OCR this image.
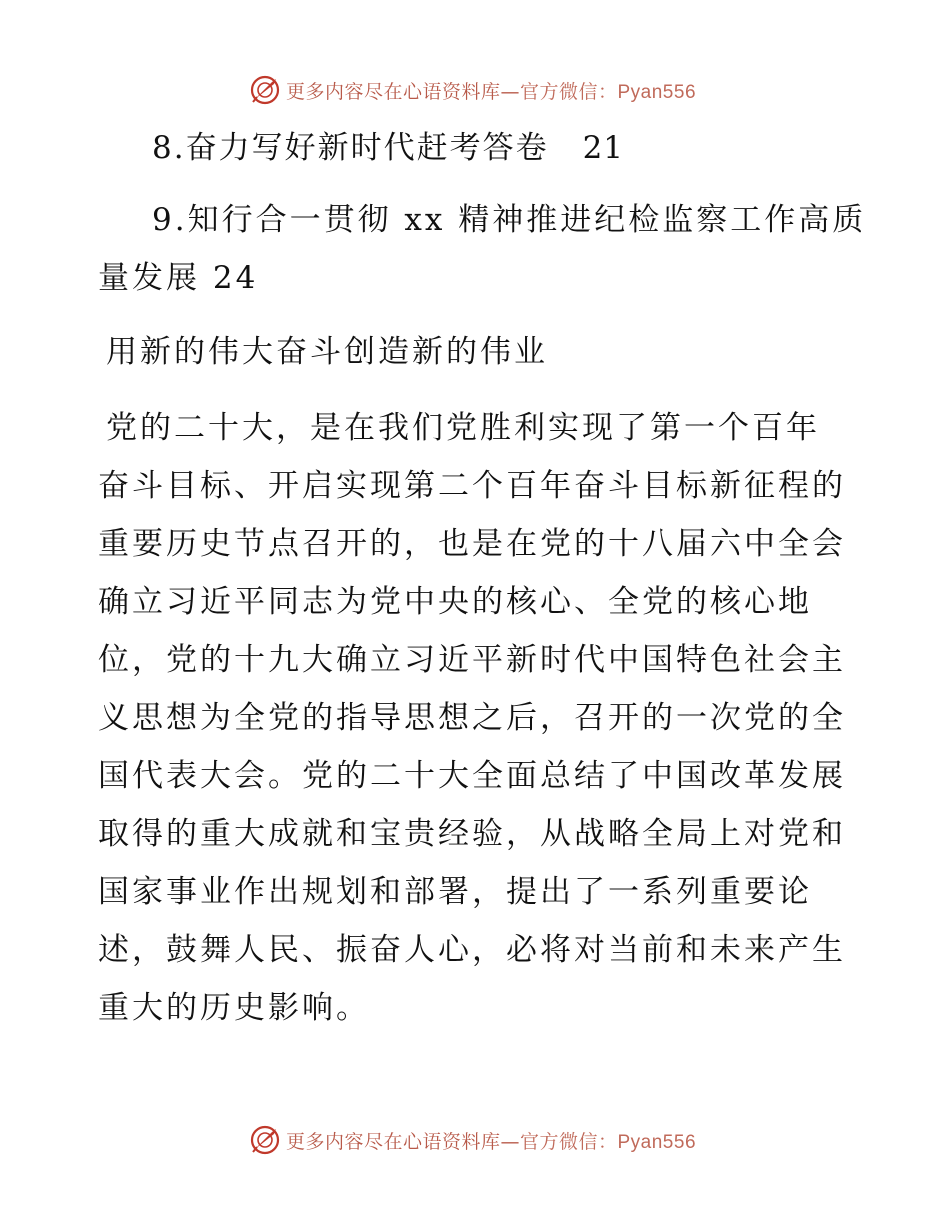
更多内容尽在心语资料库—官方微信：Pyan556
8.奋力写好新时代赶考答卷 21
9.知行合一贯彻 xx 精神推进纪检监察工作高质
量发展 24
用新的伟大奋斗创造新的伟业
党的二十大，是在我们党胜利实现了第一个百年
奋斗目标、开启实现第二个百年奋斗目标新征程的
重要历史节点召开的，也是在党的十八届六中全会
确立习近平同志为党中央的核心、全党的核心地
位，党的十九大确立习近平新时代中国特色社会主
义思想为全党的指导思想之后，召开的一次党的全
国代表大会。党的二十大全面总结了中国改革发展
取得的重大成就和宝贵经验，从战略全局上对党和
国家事业作出规划和部署，提出了一系列重要论
述，鼓舞人民、振奋人心，必将对当前和未来产生
重大的历史影响。
更多内容尽在心语资料库—官方微信：Pyan556
